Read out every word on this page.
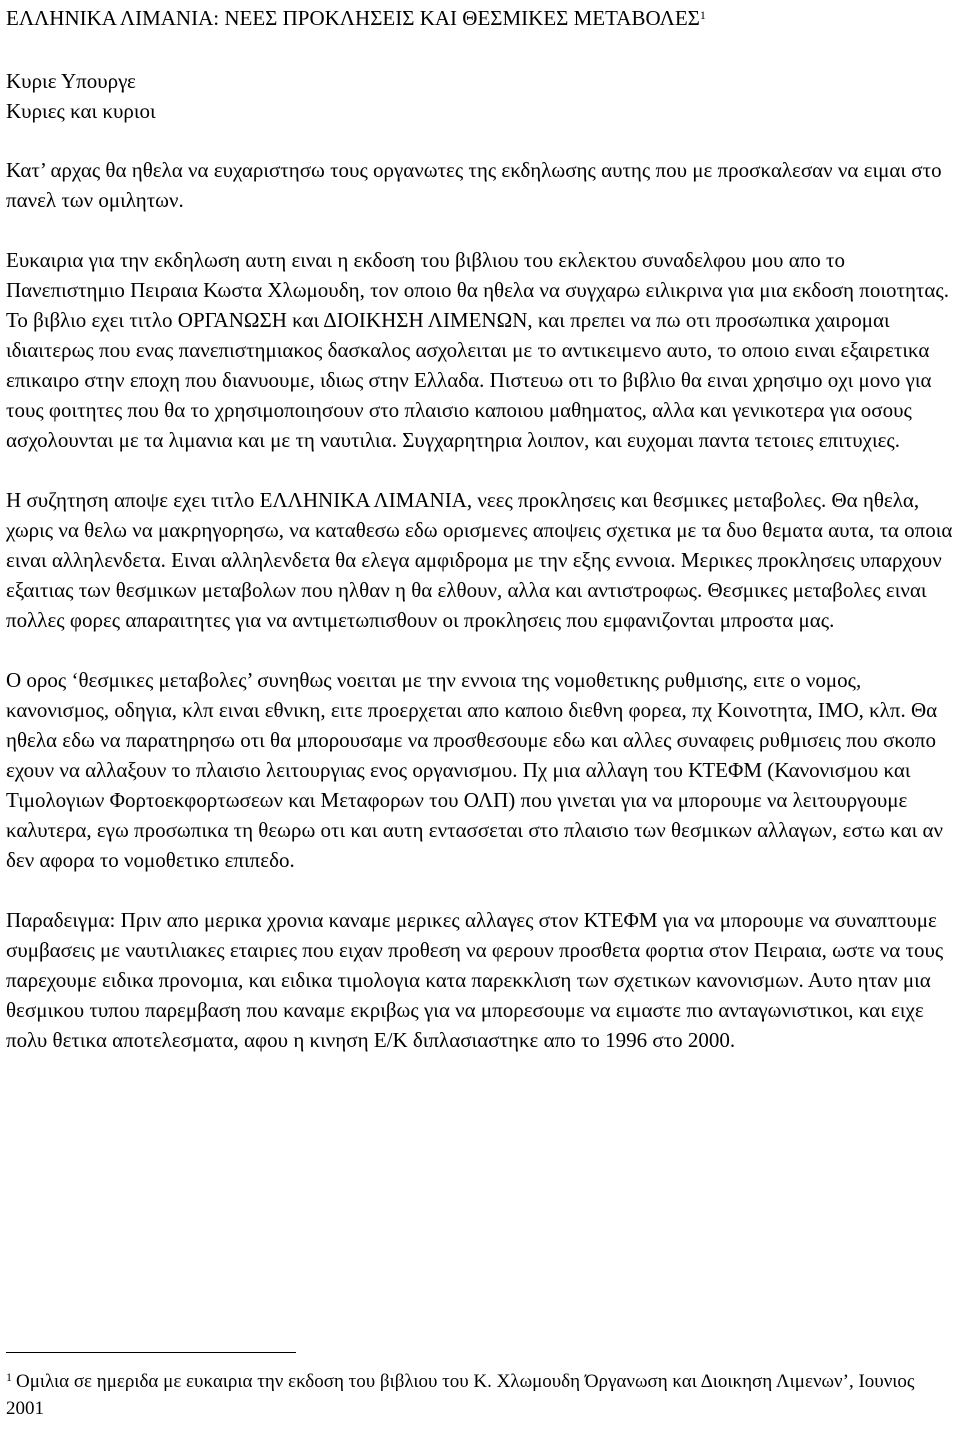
ΕΛΛΗΝΙΚΑ ΛΙΜΑΝΙΑ: ΝΕΕΣ ΠΡΟΚΛΗΣΕΙΣ ΚΑΙ ΘΕΣΜΙΚΕΣ ΜΕΤΑΒΟΛΕΣ$^1$
Κυριε Υπουργε
Κυριες και κυριοι

Κατ’ αρχας θα ηθελα να ευχαριστησω τους οργανωτες της εκδηλωσης αυτης που με προσκαλεσαν να ειμαι στο πανελ των ομιλητων.

Ευκαιρια για την εκδηλωση αυτη ειναι η εκδοση του βιβλιου του εκλεκτου συναδελφου μου απο το Πανεπιστημιο Πειραια Κωστα Χλωμουδη, τον οποιο θα ηθελα να συγχαρω ειλικρινα για μια εκδοση ποιοτητας. Το βιβλιο εχει τιτλο ΟΡΓΑΝΩΣΗ και ΔΙΟΙΚΗΣΗ ΛΙΜΕΝΩΝ, και πρεπει να πω οτι προσωπικα χαιρομαι ιδιαιτερως που ενας πανεπιστημιακος δασκαλος ασχολειται με το αντικειμενο αυτο, το οποιο ειναι εξαιρετικα επικαιρο στην εποχη που διανυουμε, ιδιως στην Ελλαδα. Πιστευω οτι το βιβλιο θα ειναι χρησιμο οχι μονο για τους φοιτητες που θα το χρησιμοποιησουν στο πλαισιο καποιου μαθηματος, αλλα και γενικοτερα για οσους ασχολουνται με τα λιμανια και με τη ναυτιλια. Συγχαρητηρια λοιπον, και ευχομαι παντα τετοιες επιτυχιες.

Η συζητηση αποψε εχει τιτλο ΕΛΛΗΝΙΚΑ ΛΙΜΑΝΙΑ, νεες προκλησεις και θεσμικες μεταβολες. Θα ηθελα, χωρις να θελω να μακρηγορησω, να καταθεσω εδω ορισμενες αποψεις σχετικα με τα δυο θεματα αυτα, τα οποια ειναι αλληλενδετα. Ειναι αλληλενδετα θα ελεγα αμφιδρομα με την εξης εννοια. Μερικες προκλησεις υπαρχουν εξαιτιας των θεσμικων μεταβολων που ηλθαν η θα ελθουν, αλλα και αντιστροφως. Θεσμικες μεταβολες ειναι πολλες φορες απαραιτητες για να αντιμετωπισθουν οι προκλησεις που εμφανιζονται μπροστα μας.

Ο ορος ‘θεσμικες μεταβολες’ συνηθως νοειται με την εννοια της νομοθετικης ρυθμισης, ειτε ο νομος, κανονισμος, οδηγια, κλπ ειναι εθνικη, ειτε προερχεται απο καποιο διεθνη φορεα, πχ Κοινοτητα, ΙΜΟ, κλπ. Θα ηθελα εδω να παρατηρησω οτι θα μπορουσαμε να προσθεσουμε εδω και αλλες συναφεις ρυθμισεις που σκοπο εχουν να αλλαξουν το πλαισιο λειτουργιας ενος οργανισμου. Πχ μια αλλαγη του ΚΤΕΦΜ (Κανονισμου και Τιμολογιων Φορτοεκφορτωσεων και Μεταφορων του ΟΛΠ) που γινεται για να μπορουμε να λειτουργουμε καλυτερα, εγω προσωπικα τη θεωρω οτι και αυτη εντασσεται στο πλαισιο των θεσμικων αλλαγων, εστω και αν δεν αφορα το νομοθετικο επιπεδο.

Παραδειγμα: Πριν απο μερικα χρονια καναμε μερικες αλλαγες στον ΚΤΕΦΜ για να μπορουμε να συναπτουμε συμβασεις με ναυτιλιακες εταιριες που ειχαν προθεση να φερουν προσθετα φορτια στον Πειραια, ωστε να τους παρεχουμε ειδικα προνομια, και ειδικα τιμολογια κατα παρεκκλιση των σχετικων κανονισμων. Αυτο ηταν μια θεσμικου τυπου παρεμβαση που καναμε εκριβως για να μπορεσουμε να ειμαστε πιο ανταγωνιστικοι, και ειχε πολυ θετικα αποτελεσματα, αφου η κινηση Ε/Κ διπλασιαστηκε απο το 1996 στο 2000.

$^1$ Ομιλια σε ημεριδα με ευκαιρια την εκδοση του βιβλιου του Κ. Χλωμουδη Όργανωση και Διοικηση Λιμενων’, Ιουνιος 2001
